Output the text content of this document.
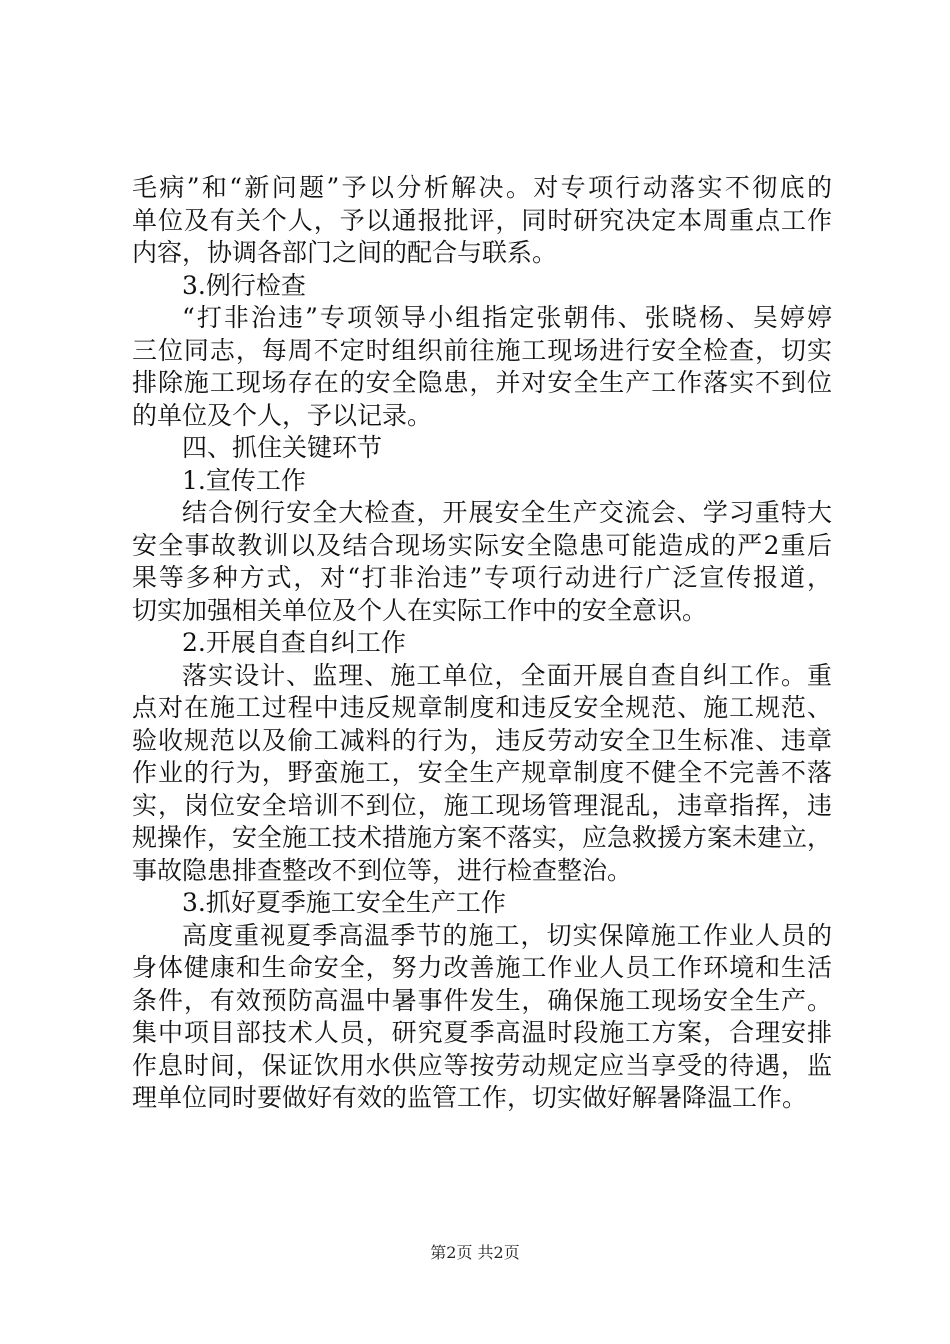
毛病”和“新问题”予以分析解决。对专项行动落实不彻底的
单位及有关个人，予以通报批评，同时研究决定本周重点工作
内容，协调各部门之间的配合与联系。
3.例行检查
“打非治违”专项领导小组指定张朝伟、张晓杨、吴婷婷
三位同志，每周不定时组织前往施工现场进行安全检查，切实
排除施工现场存在的安全隐患，并对安全生产工作落实不到位
的单位及个人，予以记录。
四、抓住关键环节
1.宣传工作
结合例行安全大检查，开展安全生产交流会、学习重特大
安全事故教训以及结合现场实际安全隐患可能造成的严2重后
果等多种方式，对“打非治违”专项行动进行广泛宣传报道，
切实加强相关单位及个人在实际工作中的安全意识。
2.开展自查自纠工作
落实设计、监理、施工单位，全面开展自查自纠工作。重
点对在施工过程中违反规章制度和违反安全规范、施工规范、
验收规范以及偷工减料的行为，违反劳动安全卫生标准、违章
作业的行为，野蛮施工，安全生产规章制度不健全不完善不落
实，岗位安全培训不到位，施工现场管理混乱，违章指挥，违
规操作，安全施工技术措施方案不落实，应急救援方案未建立，
事故隐患排查整改不到位等，进行检查整治。
3.抓好夏季施工安全生产工作
高度重视夏季高温季节的施工，切实保障施工作业人员的
身体健康和生命安全，努力改善施工作业人员工作环境和生活
条件，有效预防高温中暑事件发生，确保施工现场安全生产。
集中项目部技术人员，研究夏季高温时段施工方案，合理安排
作息时间，保证饮用水供应等按劳动规定应当享受的待遇，监
理单位同时要做好有效的监管工作，切实做好解暑降温工作。
第2页 共2页
